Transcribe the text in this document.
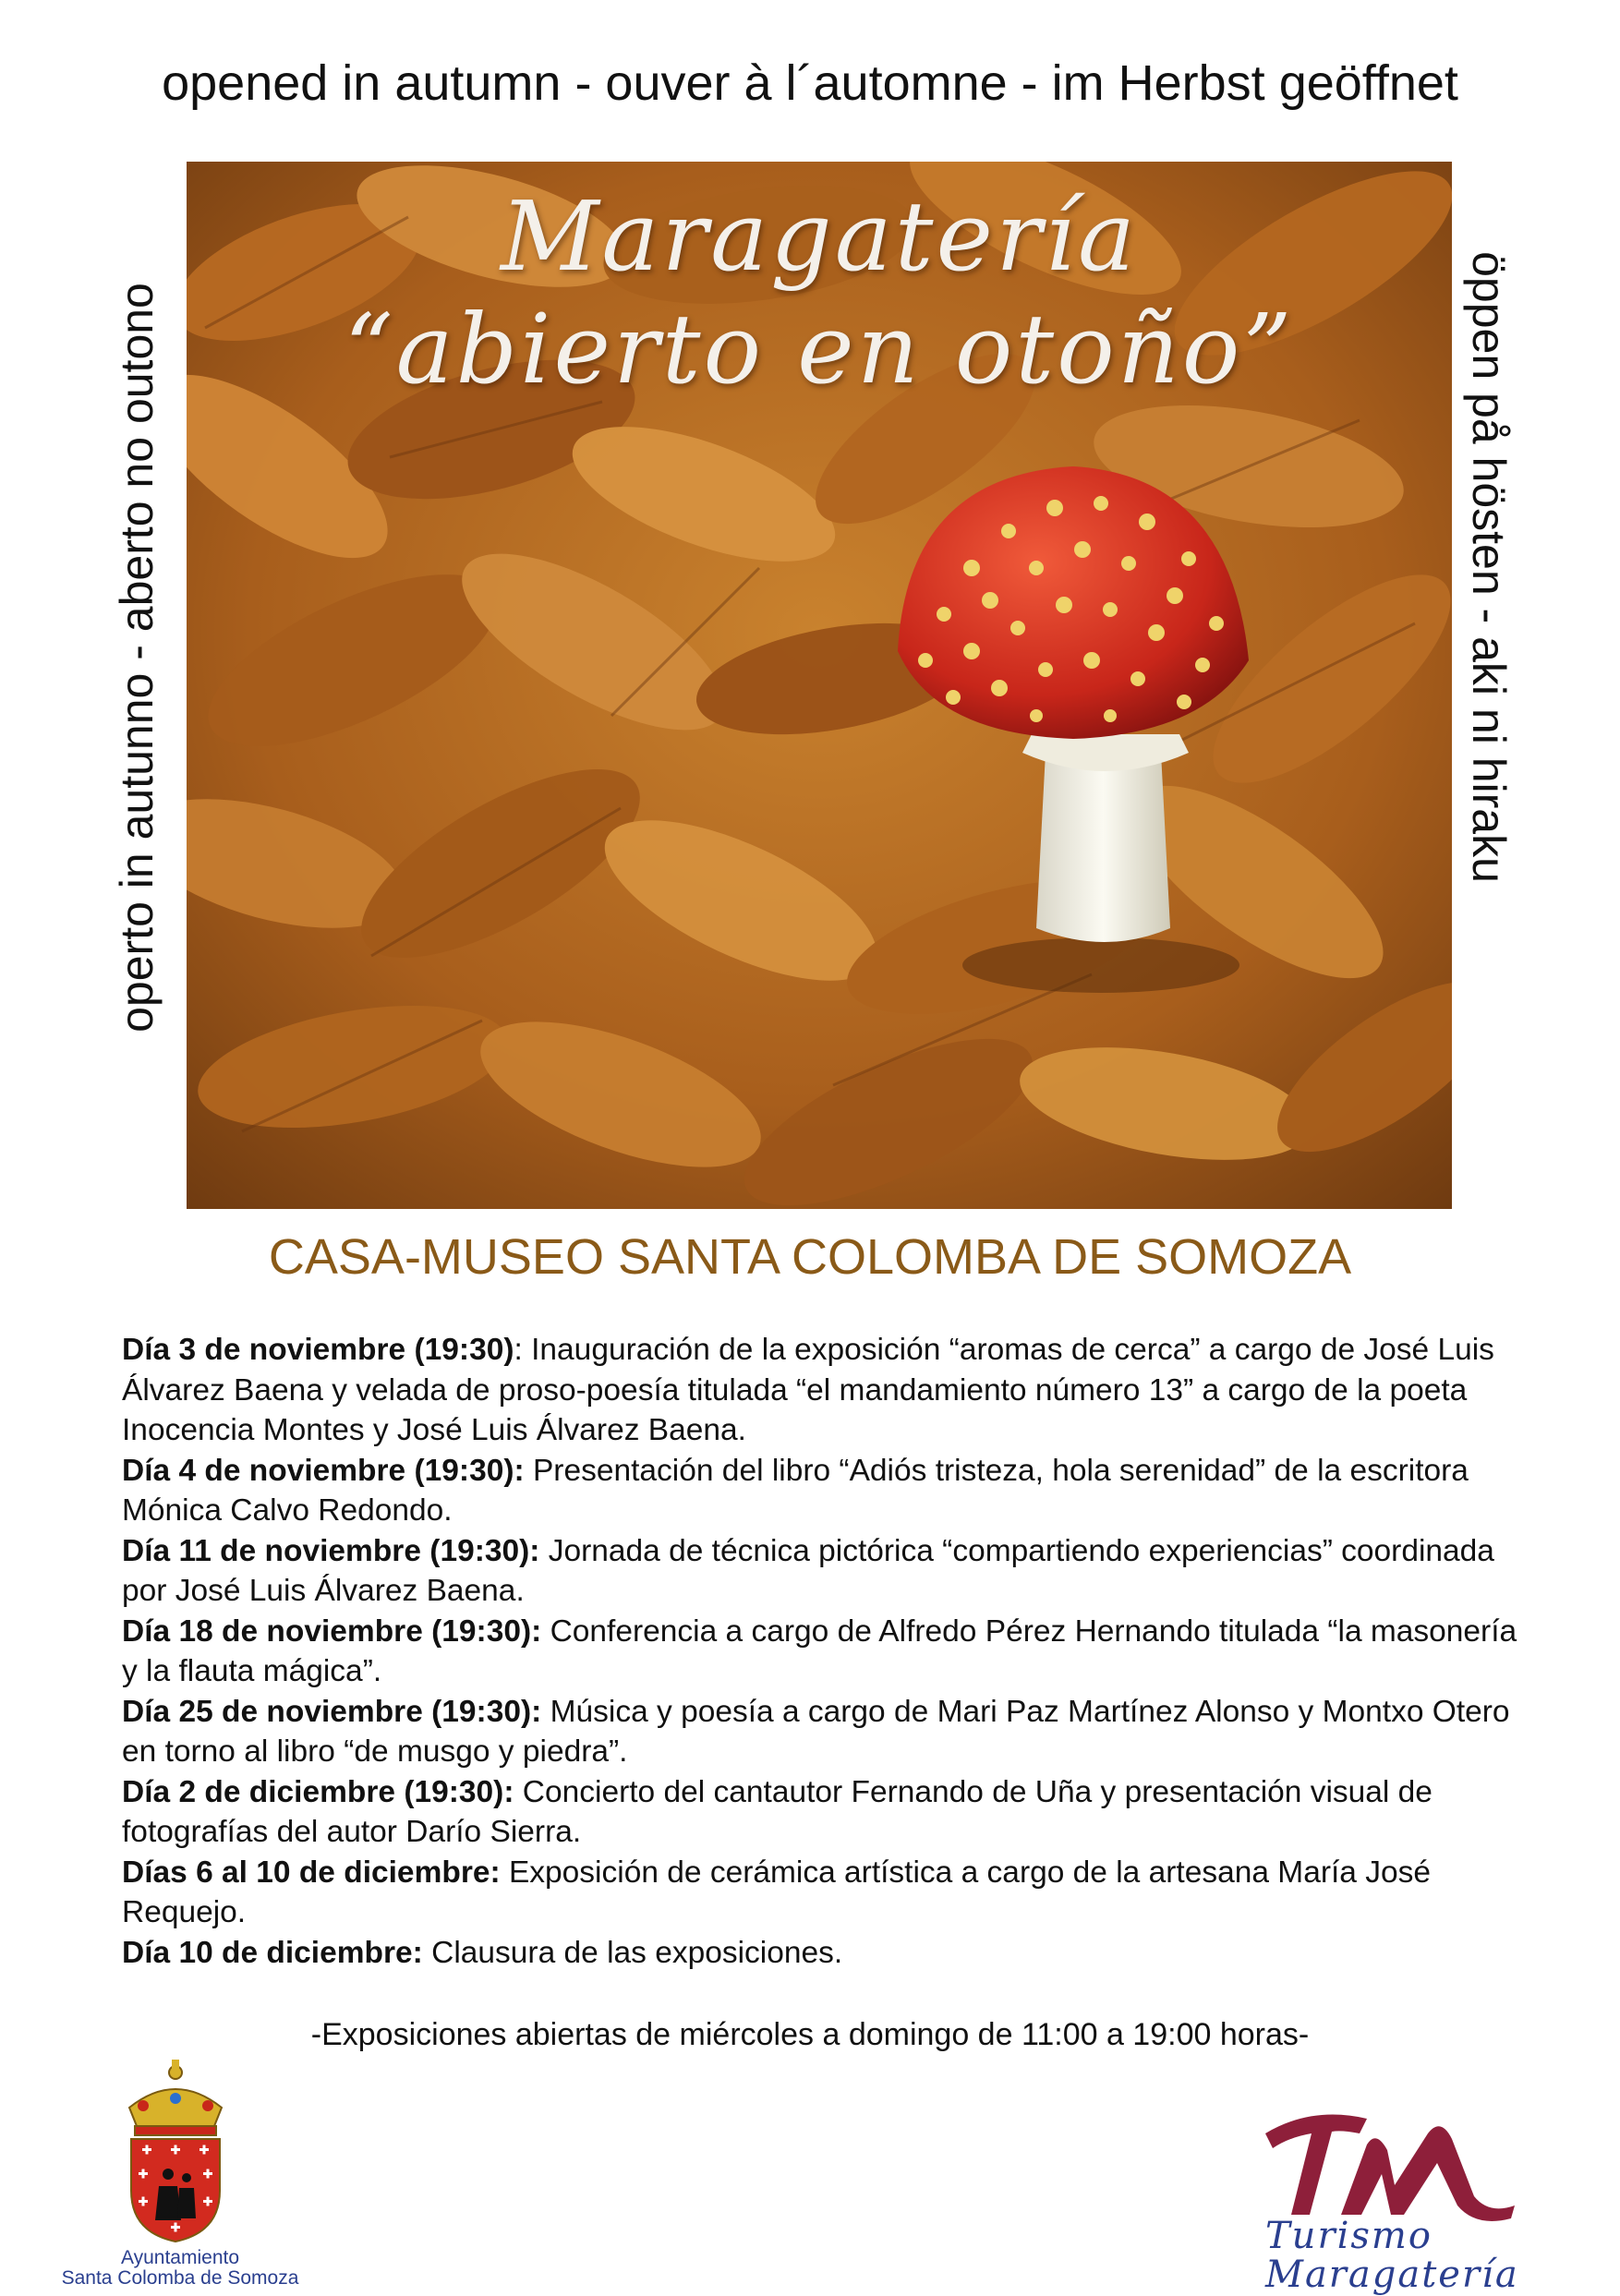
opened in autumn - ouver à l´automne - im Herbst geöffnet
operto in autunno - aberto no outono	öppen på hösten - aki ni hiraku
Maragatería
“abierto en otoño”
CASA-MUSEO SANTA COLOMBA DE SOMOZA

Día 3 de noviembre (19:30): Inauguración de la exposición “aromas de cerca” a cargo de José Luis Álvarez Baena y velada de proso-poesía titulada “el mandamiento número 13” a cargo de la poeta Inocencia Montes y José Luis Álvarez Baena.

Día 4 de noviembre (19:30): Presentación del libro “Adiós tristeza, hola serenidad” de la escritora Mónica Calvo Redondo.

Día 11 de noviembre (19:30): Jornada de técnica pictórica “compartiendo experiencias” coordinada por José Luis Álvarez Baena.

Día 18 de noviembre (19:30): Conferencia a cargo de Alfredo Pérez Hernando titulada “la masonería y la flauta mágica”.

Día 25 de noviembre (19:30): Música y poesía a cargo de Mari Paz Martínez Alonso y Montxo Otero en torno al libro “de musgo y piedra”.

Día 2 de diciembre (19:30): Concierto del cantautor Fernando de Uña y presentación visual de fotografías del autor Darío Sierra.

Días 6 al 10 de diciembre: Exposición de cerámica artística a cargo de la artesana María José Requejo.

Día 10 de diciembre: Clausura de las exposiciones.

-Exposiciones abiertas de miércoles a domingo de 11:00 a 19:00 horas-
Ayuntamiento
Santa Colomba de Somoza
Turismo
Maragatería
